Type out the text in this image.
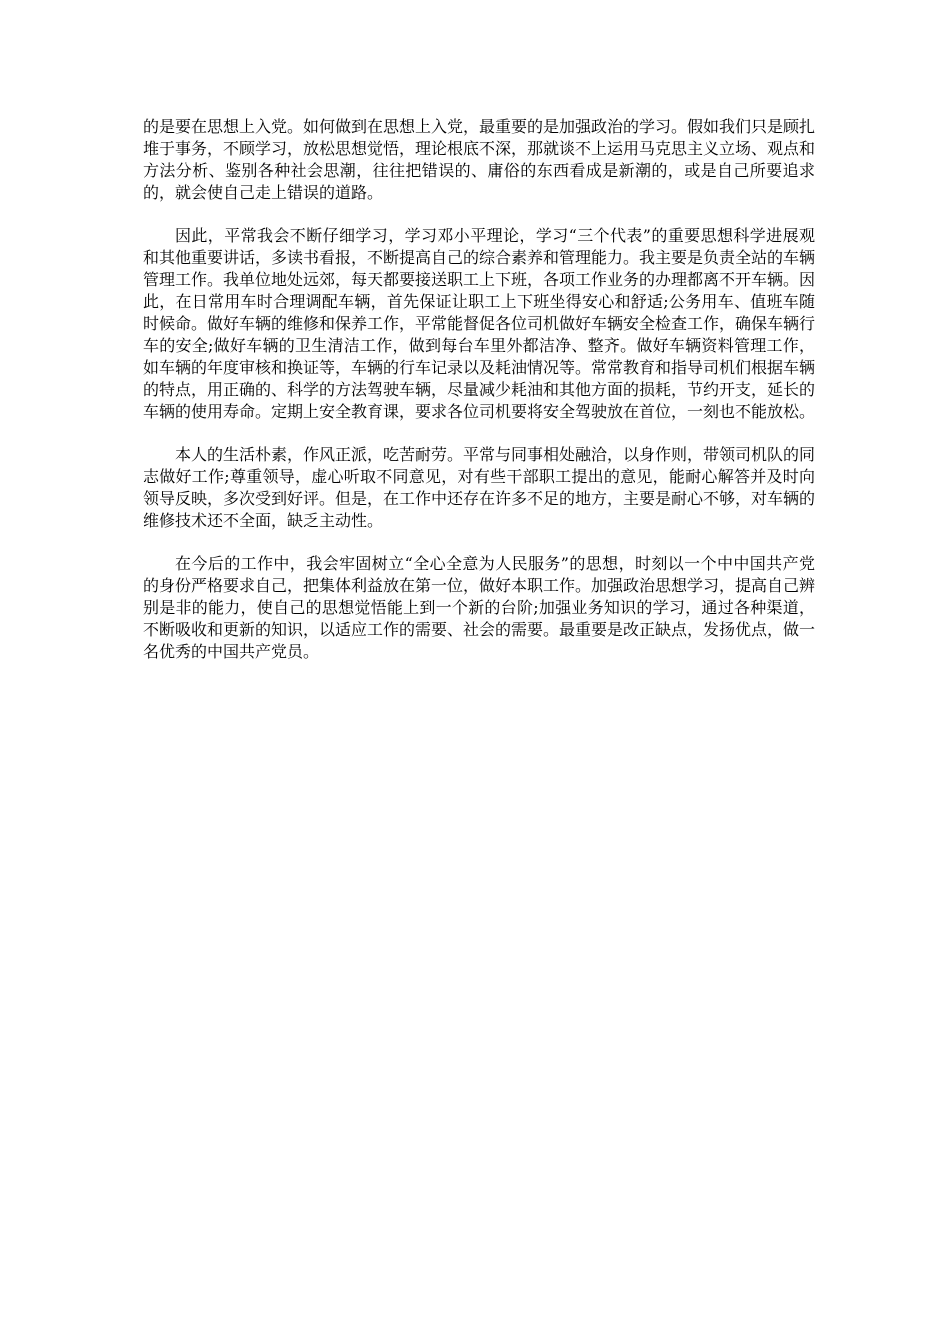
的是要在思想上入党。如何做到在思想上入党，最重要的是加强政治的学习。假如我们只是顾扎堆于事务，不顾学习，放松思想觉悟，理论根底不深，那就谈不上运用马克思主义立场、观点和方法分析、鉴别各种社会思潮，往往把错误的、庸俗的东西看成是新潮的，或是自己所要追求的，就会使自己走上错误的道路。

因此，平常我会不断仔细学习，学习邓小平理论，学习“三个代表”的重要思想科学进展观和其他重要讲话，多读书看报，不断提高自己的综合素养和管理能力。我主要是负责全站的车辆管理工作。我单位地处远郊，每天都要接送职工上下班，各项工作业务的办理都离不开车辆。因此，在日常用车时合理调配车辆，首先保证让职工上下班坐得安心和舒适;公务用车、值班车随时候命。做好车辆的维修和保养工作，平常能督促各位司机做好车辆安全检查工作，确保车辆行车的安全;做好车辆的卫生清洁工作，做到每台车里外都洁净、整齐。做好车辆资料管理工作，如车辆的年度审核和换证等，车辆的行车记录以及耗油情况等。常常教育和指导司机们根据车辆的特点，用正确的、科学的方法驾驶车辆，尽量减少耗油和其他方面的损耗，节约开支，延长的车辆的使用寿命。定期上安全教育课，要求各位司机要将安全驾驶放在首位，一刻也不能放松。

本人的生活朴素，作风正派，吃苦耐劳。平常与同事相处融洽，以身作则，带领司机队的同志做好工作;尊重领导，虚心听取不同意见，对有些干部职工提出的意见，能耐心解答并及时向领导反映，多次受到好评。但是，在工作中还存在许多不足的地方，主要是耐心不够，对车辆的维修技术还不全面，缺乏主动性。

在今后的工作中，我会牢固树立“全心全意为人民服务”的思想，时刻以一个中中国共产党的身份严格要求自己，把集体利益放在第一位，做好本职工作。加强政治思想学习，提高自己辨别是非的能力，使自己的思想觉悟能上到一个新的台阶;加强业务知识的学习，通过各种渠道，不断吸收和更新的知识，以适应工作的需要、社会的需要。最重要是改正缺点，发扬优点，做一名优秀的中国共产党员。
